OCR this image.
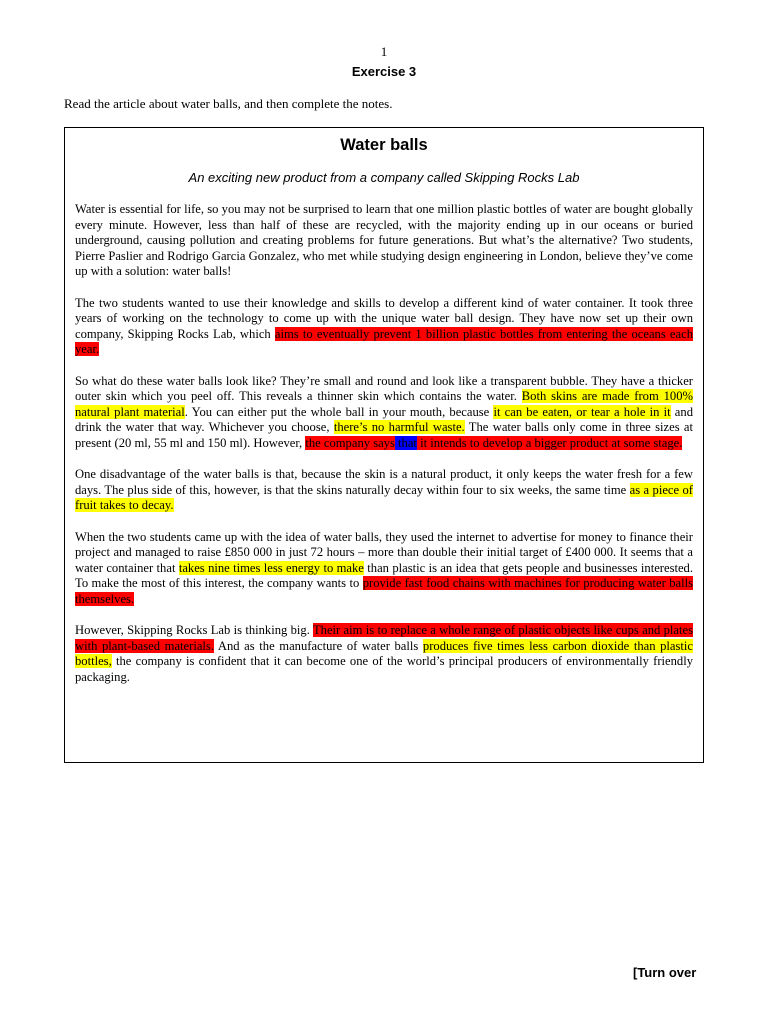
1
Exercise 3
Read the article about water balls, and then complete the notes.
Water balls
An exciting new product from a company called Skipping Rocks Lab

Water is essential for life, so you may not be surprised to learn that one million plastic bottles of water are bought globally every minute. However, less than half of these are recycled, with the majority ending up in our oceans or buried underground, causing pollution and creating problems for future generations. But what’s the alternative? Two students, Pierre Paslier and Rodrigo Garcia Gonzalez, who met while studying design engineering in London, believe they’ve come up with a solution: water balls!

The two students wanted to use their knowledge and skills to develop a different kind of water container. It took three years of working on the technology to come up with the unique water ball design. They have now set up their own company, Skipping Rocks Lab, which aims to eventually prevent 1 billion plastic bottles from entering the oceans each year.

So what do these water balls look like? They’re small and round and look like a transparent bubble. They have a thicker outer skin which you peel off. This reveals a thinner skin which contains the water. Both skins are made from 100% natural plant material. You can either put the whole ball in your mouth, because it can be eaten, or tear a hole in it and drink the water that way. Whichever you choose, there’s no harmful waste. The water balls only come in three sizes at present (20 ml, 55 ml and 150 ml). However, the company says that it intends to develop a bigger product at some stage.

One disadvantage of the water balls is that, because the skin is a natural product, it only keeps the water fresh for a few days. The plus side of this, however, is that the skins naturally decay within four to six weeks, the same time as a piece of fruit takes to decay.

When the two students came up with the idea of water balls, they used the internet to advertise for money to finance their project and managed to raise £850 000 in just 72 hours – more than double their initial target of £400 000. It seems that a water container that takes nine times less energy to make than plastic is an idea that gets people and businesses interested. To make the most of this interest, the company wants to provide fast food chains with machines for producing water balls themselves.

However, Skipping Rocks Lab is thinking big. Their aim is to replace a whole range of plastic objects like cups and plates with plant-based materials. And as the manufacture of water balls produces five times less carbon dioxide than plastic bottles, the company is confident that it can become one of the world’s principal producers of environmentally friendly packaging.

[Turn over
